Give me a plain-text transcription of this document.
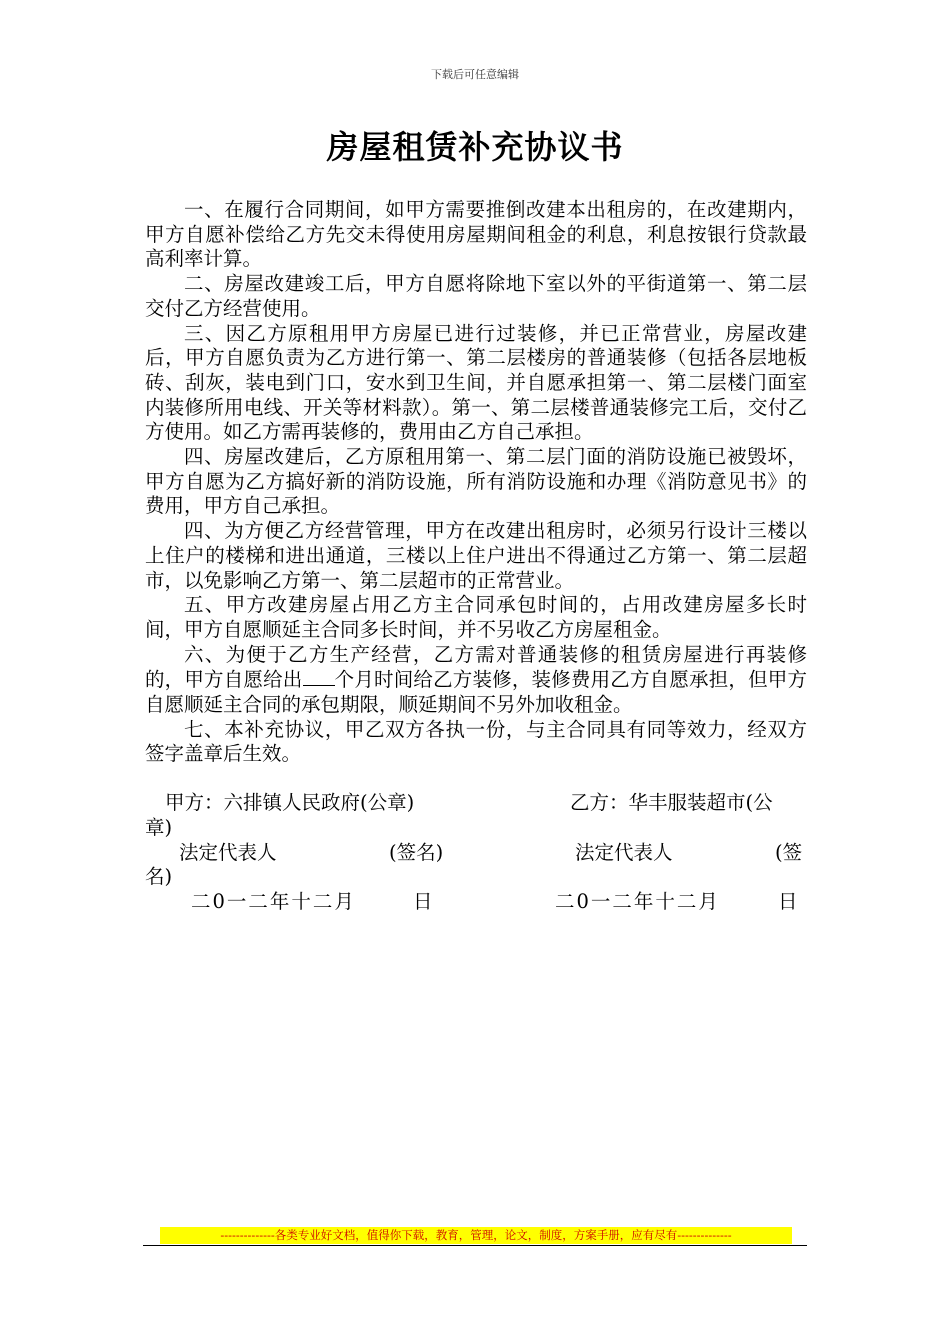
下载后可任意编辑
房屋租赁补充协议书

一、在履行合同期间，如甲方需要推倒改建本出租房的，在改建期内，甲方自愿补偿给乙方先交未得使用房屋期间租金的利息，利息按银行贷款最高利率计算。

二、房屋改建竣工后，甲方自愿将除地下室以外的平街道第一、第二层交付乙方经营使用。

三、因乙方原租用甲方房屋已进行过装修，并已正常营业，房屋改建后，甲方自愿负责为乙方进行第一、第二层楼房的普通装修（包括各层地板砖、刮灰，装电到门口，安水到卫生间，并自愿承担第一、第二层楼门面室内装修所用电线、开关等材料款）。第一、第二层楼普通装修完工后，交付乙方使用。如乙方需再装修的，费用由乙方自己承担。

四、房屋改建后，乙方原租用第一、第二层门面的消防设施已被毁坏，甲方自愿为乙方搞好新的消防设施，所有消防设施和办理《消防意见书》的费用，甲方自己承担。

四、为方便乙方经营管理，甲方在改建出租房时，必须另行设计三楼以上住户的楼梯和进出通道，三楼以上住户进出不得通过乙方第一、第二层超市，以免影响乙方第一、第二层超市的正常营业。

五、甲方改建房屋占用乙方主合同承包时间的，占用改建房屋多长时间，甲方自愿顺延主合同多长时间，并不另收乙方房屋租金。

六、为便于乙方生产经营，乙方需对普通装修的租赁房屋进行再装修的，甲方自愿给出 个月时间给乙方装修，装修费用乙方自愿承担，但甲方自愿顺延主合同的承包期限，顺延期间不另外加收租金。

七、本补充协议，甲乙双方各执一份，与主合同具有同等效力，经双方签字盖章后生效。

甲方：六排镇人民政府(公章)	乙方：华丰服装超市(公
章)
法定代表人	(签名)	法定代表人	(签
名)
二0一二年十二月	日	二0一二年十二月	日
--------------各类专业好文档，值得你下载，教育，管理，论文，制度，方案手册，应有尽有--------------
